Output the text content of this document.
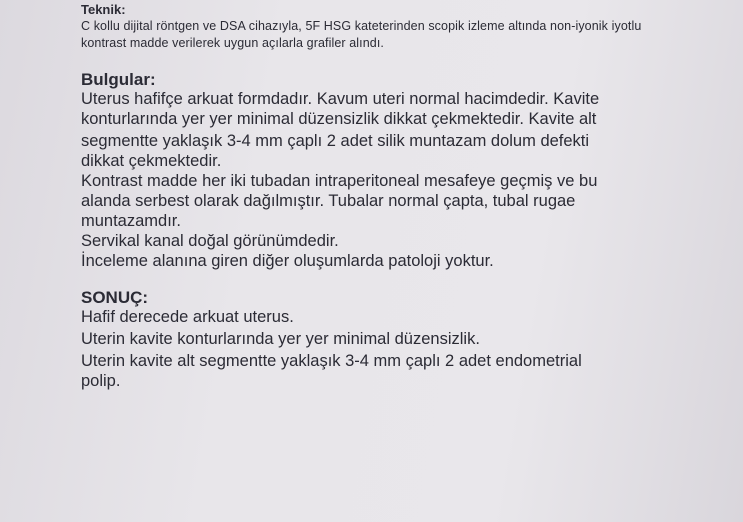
Teknik:
C kollu dijital röntgen ve DSA cihazıyla, 5F HSG kateterinden scopik izleme altında non-iyonik iyotlu
kontrast madde verilerek uygun açılarla grafiler alındı.
Bulgular:
Uterus hafifçe arkuat formdadır. Kavum uteri normal hacimdedir. Kavite
konturlarında yer yer minimal düzensizlik dikkat çekmektedir. Kavite alt
segmentte yaklaşık 3-4 mm çaplı 2 adet silik muntazam dolum defekti
dikkat çekmektedir.
Kontrast madde her iki tubadan intraperitoneal mesafeye geçmiş ve bu
alanda serbest olarak dağılmıştır. Tubalar normal çapta, tubal rugae
muntazamdır.
Servikal kanal doğal görünümdedir.
İnceleme alanına giren diğer oluşumlarda patoloji yoktur.
SONUÇ:
Hafif derecede arkuat uterus.
Uterin kavite konturlarında yer yer minimal düzensizlik.
Uterin kavite alt segmentte yaklaşık 3-4 mm çaplı 2 adet endometrial
polip.
